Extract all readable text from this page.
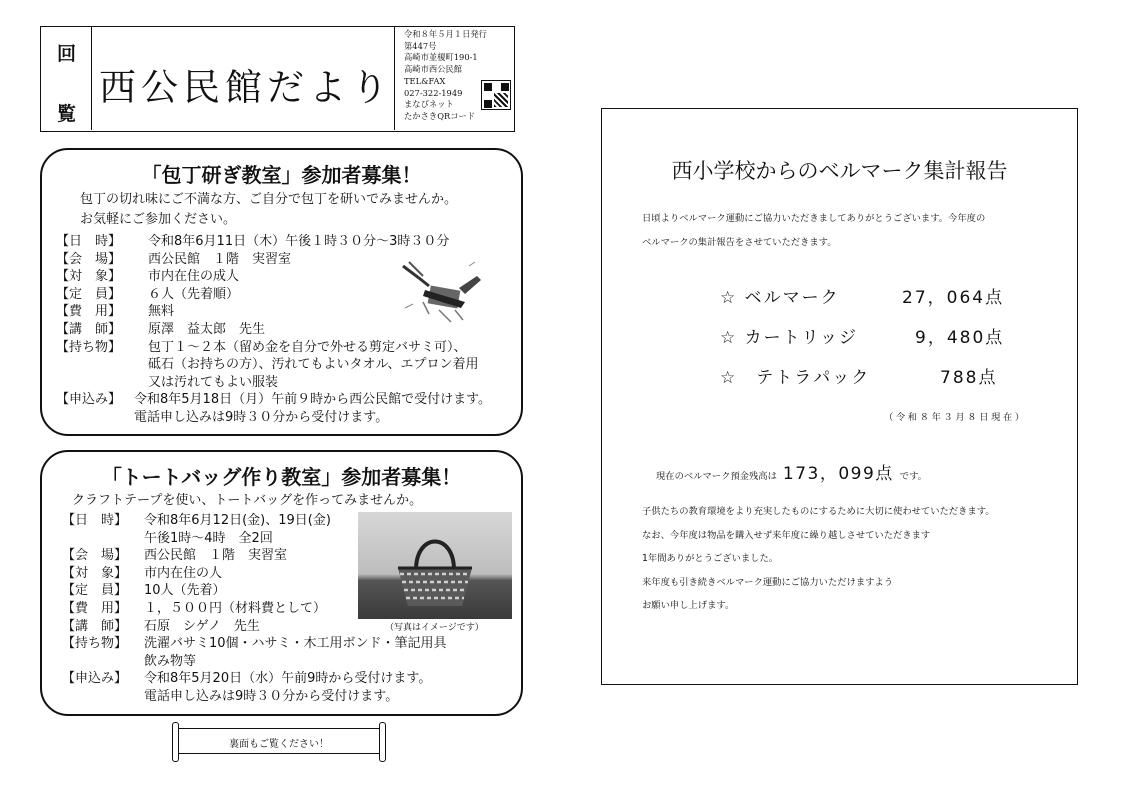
回
覧
西公民館だより
令和８年５月１日発行
第447号
高崎市並榎町190-1
高崎市西公民館
TEL&FAX
027-322-1949
まなびネット
たかさきQRコード
「包丁研ぎ教室」参加者募集！
包丁の切れ味にご不満な方、ご自分で包丁を研いでみませんか。
お気軽にご参加ください。
【日　時】 令和8年6月11日（木）午後１時３０分～3時３０分
【会　場】 西公民館　１階　実習室
【対　象】 市内在住の成人
【定　員】 ６人（先着順）
【費　用】 無料
【講　師】 原澤　益太郎　先生
【持ち物】 包丁１～２本（留め金を自分で外せる剪定バサミ可）、
砥石（お持ちの方）、汚れてもよいタオル、エプロン着用
又は汚れてもよい服装
【申込み】 令和8年5月18日（月）午前９時から西公民館で受付けます。
電話申し込みは9時３０分から受付けます。
「トートバッグ作り教室」参加者募集！
クラフトテープを使い、トートバッグを作ってみませんか。
【日　時】 令和8年6月12日(金)、19日(金)
午後1時～4時　全2回
【会　場】 西公民館　１階　実習室
【対　象】 市内在住の人
【定　員】 10人（先着）
【費　用】 １，５００円（材料費として）
【講　師】 石原　シゲノ　先生
【持ち物】 洗濯バサミ10個・ハサミ・木工用ボンド・筆記用具
飲み物等
【申込み】 令和8年5月20日（水）午前9時から受付けます。
電話申し込みは9時３０分から受付けます。
（写真はイメージです）
裏面もご覧ください！
西小学校からのベルマーク集計報告
日頃よりベルマーク運動にご協力いただきましてありがとうございます。今年度の
ベルマークの集計報告をさせていただきます。
☆ ベルマーク	27，064点
☆ カートリッジ	9，480点
☆　テトラパック	788点
（令和８年３月８日現在）
現在のベルマーク預金残高は 173，099点 です。
子供たちの教育環境をより充実したものにするために大切に使わせていただきます。
なお、今年度は物品を購入せず来年度に繰り越しさせていただきます
1年間ありがとうございました。
来年度も引き続きベルマーク運動にご協力いただけますよう
お願い申し上げます。
